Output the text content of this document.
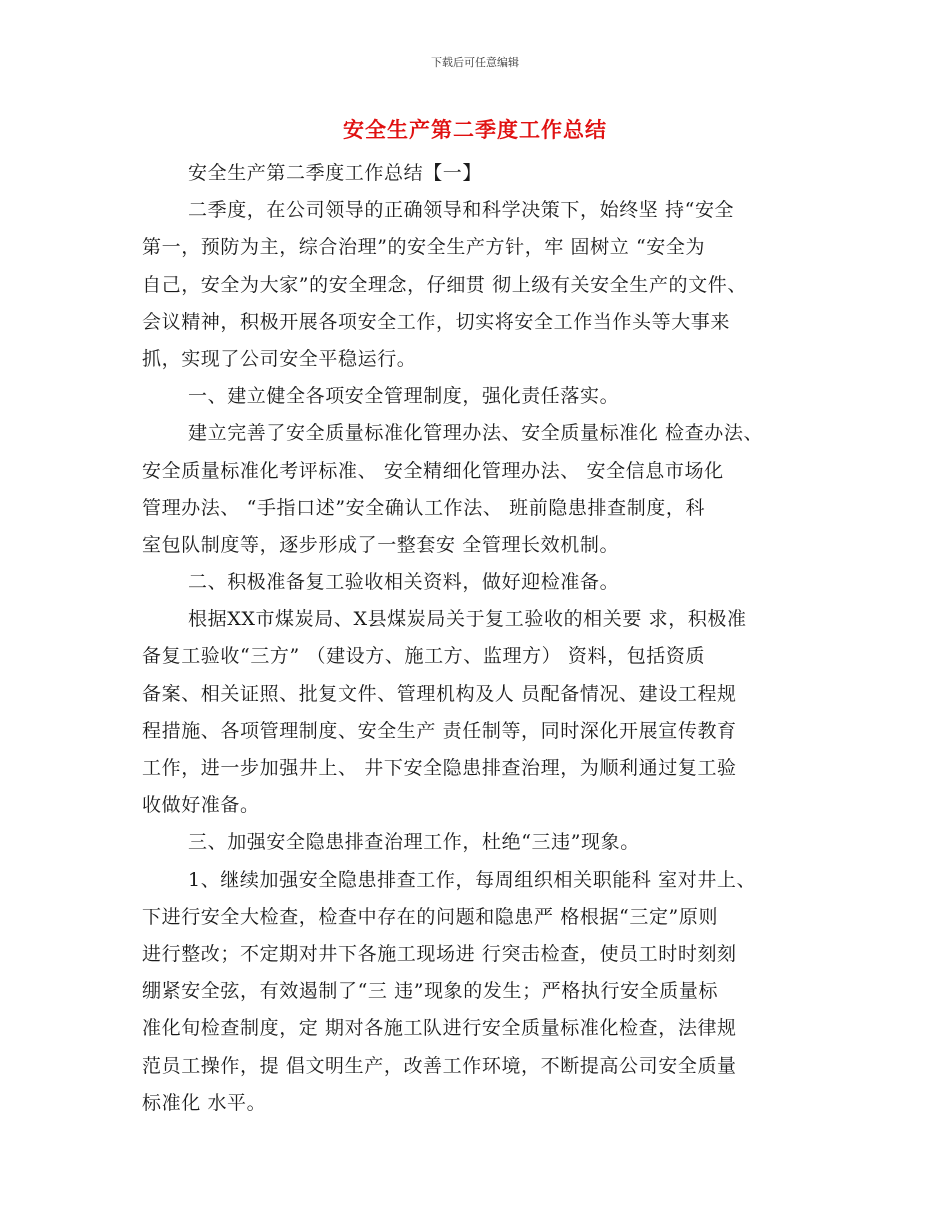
下载后可任意编辑
安全生产第二季度工作总结
安全生产第二季度工作总结【一】
二季度，在公司领导的正确领导和科学决策下，始终坚 持“安全
第一，预防为主，综合治理”的安全生产方针，牢 固树立 “安全为
自己，安全为大家”的安全理念，仔细贯 彻上级有关安全生产的文件、
会议精神，积极开展各项安全工作，切实将安全工作当作头等大事来
抓，实现了公司安全平稳运行。
一、建立健全各项安全管理制度，强化责任落实。
建立完善了安全质量标准化管理办法、安全质量标准化 检查办法、
安全质量标准化考评标准、 安全精细化管理办法、 安全信息市场化
管理办法、 “手指口述”安全确认工作法、 班前隐患排查制度，科
室包队制度等，逐步形成了一整套安 全管理长效机制。
二、积极准备复工验收相关资料，做好迎检准备。
根据XX市煤炭局、X县煤炭局关于复工验收的相关要 求，积极准
备复工验收“三方” （建设方、施工方、监理方） 资料，包括资质
备案、相关证照、批复文件、管理机构及人 员配备情况、建设工程规
程措施、各项管理制度、安全生产 责任制等，同时深化开展宣传教育
工作，进一步加强井上、 井下安全隐患排查治理，为顺利通过复工验
收做好准备。
三、加强安全隐患排查治理工作，杜绝“三违”现象。
1、继续加强安全隐患排查工作，每周组织相关职能科 室对井上、
下进行安全大检查，检查中存在的问题和隐患严 格根据“三定”原则
进行整改；不定期对井下各施工现场进 行突击检查，使员工时时刻刻
绷紧安全弦，有效遏制了“三 违”现象的发生；严格执行安全质量标
准化旬检查制度，定 期对各施工队进行安全质量标准化检查，法律规
范员工操作，提 倡文明生产，改善工作环境，不断提高公司安全质量
标准化 水平。
